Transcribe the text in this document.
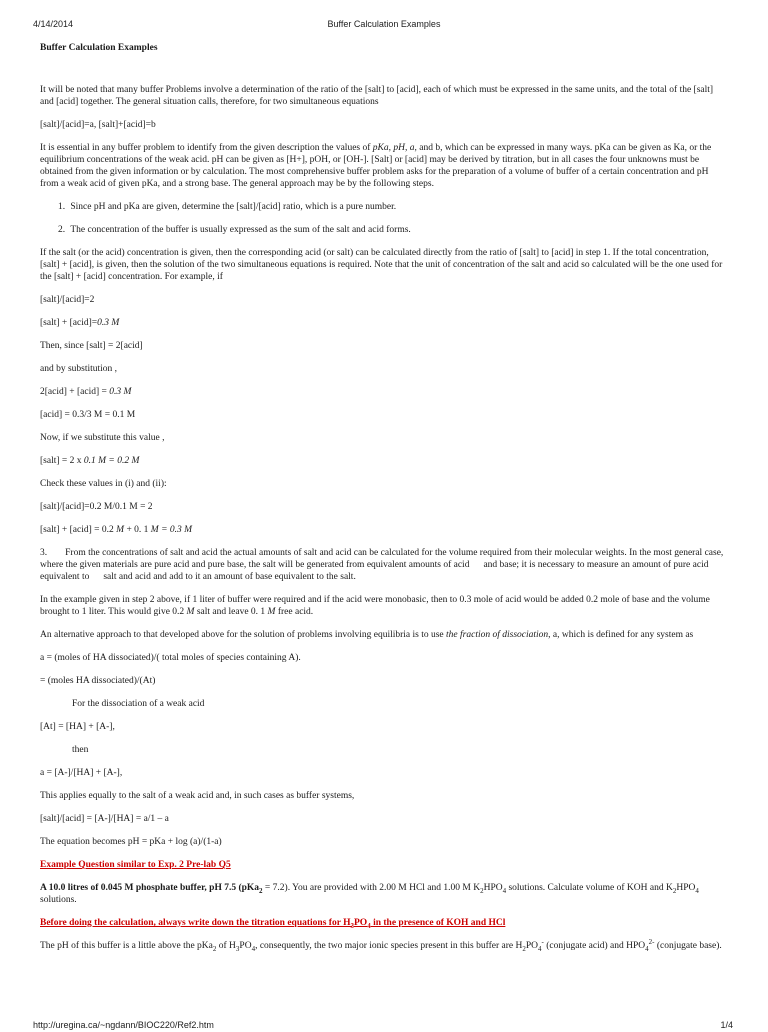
4/14/2014	Buffer Calculation Examples
Buffer Calculation Examples
It will be noted that many buffer Problems involve a determination of the ratio of the [salt] to [acid], each of which must be expressed in the same units, and the total of the [salt] and [acid] together. The general situation calls, therefore, for two simultaneous equations
[salt]/[acid]=a, [salt]+[acid]=b
It is essential in any buffer problem to identify from the given description the values of pKa, pH, a, and b, which can be expressed in many ways. pKa can be given as Ka, or the equilibrium concentrations of the weak acid. pH can be given as [H+], pOH, or [OH-]. [Salt] or [acid] may be derived by titration, but in all cases the four unknowns must be obtained from the given information or by calculation. The most comprehensive buffer problem asks for the preparation of a volume of buffer of a certain concentration and pH from a weak acid of given pKa, and a strong base. The general approach may be by the following steps.
1. Since pH and pKa are given, determine the [salt]/[acid] ratio, which is a pure number.
2. The concentration of the buffer is usually expressed as the sum of the salt and acid forms.
If the salt (or the acid) concentration is given, then the corresponding acid (or salt) can be calculated directly from the ratio of [salt] to [acid] in step 1. If the total concentration, [salt] + [acid], is given, then the solution of the two simultaneous equations is required. Note that the unit of concentration of the salt and acid so calculated will be the one used for the [salt] + [acid] concentration. For example, if
[salt]/[acid]=2
[salt] + [acid]=0.3 M
Then, since [salt] = 2[acid]
and by substitution ,
2[acid] + [acid] = 0.3 M
[acid] = 0.3/3 M = 0.1 M
Now, if we substitute this value ,
[salt] = 2 x 0.1 M = 0.2 M
Check these values in (i) and (ii):
[salt]/[acid]=0.2 M/0.1 M = 2
[salt] + [acid] = 0.2 M + 0. 1 M = 0.3 M
3. From the concentrations of salt and acid the actual amounts of salt and acid can be calculated for the volume required from their molecular weights. In the most general case, where the given materials are pure acid and pure base, the salt will be generated from equivalent amounts of acid and base; it is necessary to measure an amount of pure acid equivalent to salt and acid and add to it an amount of base equivalent to the salt.
In the example given in step 2 above, if 1 liter of buffer were required and if the acid were monobasic, then to 0.3 mole of acid would be added 0.2 mole of base and the volume brought to 1 liter. This would give 0.2 M salt and leave 0. 1 M free acid.
An alternative approach to that developed above for the solution of problems involving equilibria is to use the fraction of dissociation, a, which is defined for any system as
a = (moles of HA dissociated)/( total moles of species containing A).
= (moles HA dissociated)/(At)
For the dissociation of a weak acid
[At] = [HA] + [A-],
then
a = [A-]/[HA] + [A-],
This applies equally to the salt of a weak acid and, in such cases as buffer systems,
[salt]/[acid] = [A-]/[HA] = a/1 – a
The equation becomes pH = pKa + log (a)/(1-a)
Example Question similar to Exp. 2 Pre-lab Q5
A 10.0 litres of 0.045 M phosphate buffer, pH 7.5 (pKa$_2$ = 7.2). You are provided with 2.00 M HCl and 1.00 M $K_2HPO_4$ solutions. Calculate volume of KOH and $K_2HPO_4$ solutions.
Before doing the calculation, always write down the titration equations for $H_3PO_4$ in the presence of KOH and HCl
The pH of this buffer is a little above the pKa$_2$ of $H_3PO_4$, consequently, the two major ionic species present in this buffer are $H_2PO_4^-$ (conjugate acid) and $HPO_4^{2-}$ (conjugate base).
http://uregina.ca/~ngdann/BIOC220/Ref2.htm	1/4
